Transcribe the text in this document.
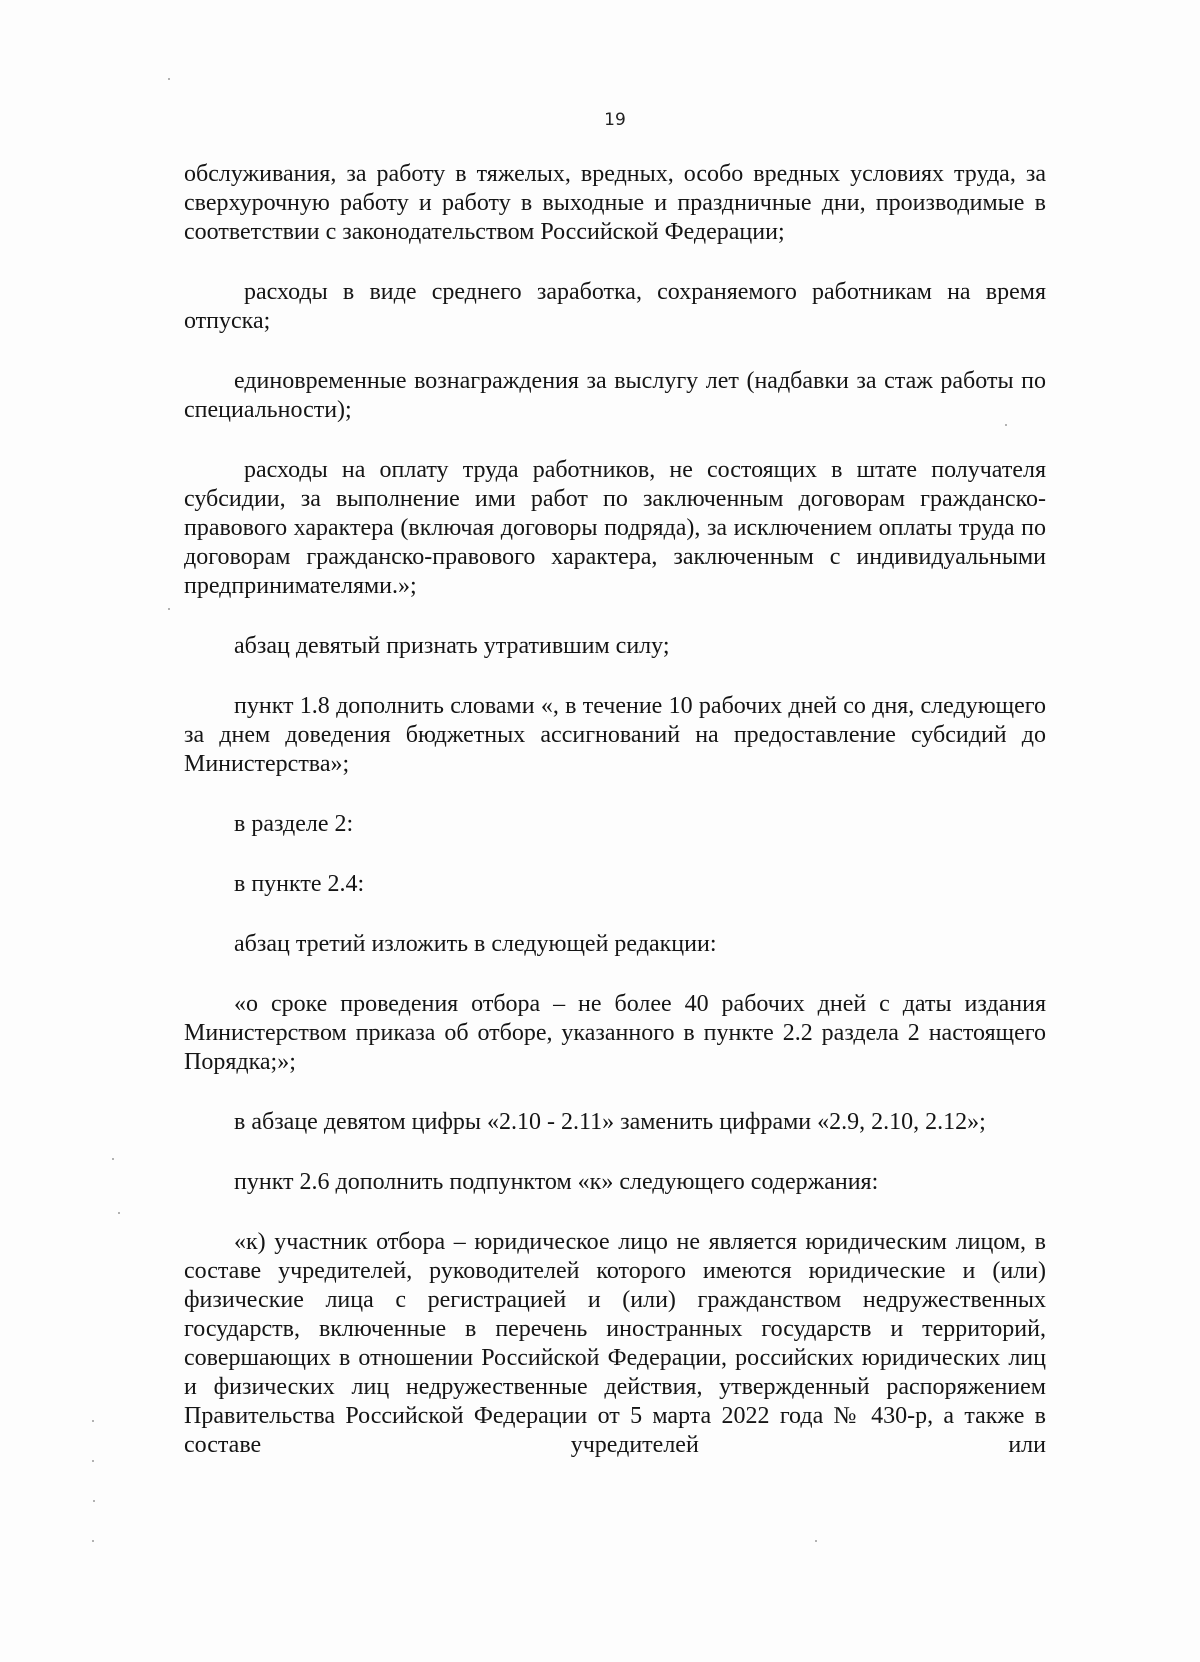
19

обслуживания, за работу в тяжелых, вредных, особо вредных условиях труда, за сверхурочную работу и работу в выходные и праздничные дни, производимые в соответствии с законодательством Российской Федерации;

расходы в виде среднего заработка, сохраняемого работникам на время отпуска;

единовременные вознаграждения за выслугу лет (надбавки за стаж работы по специальности);

расходы на оплату труда работников, не состоящих в штате получателя субсидии, за выполнение ими работ по заключенным договорам гражданско-правового характера (включая договоры подряда), за исключением оплаты труда по договорам гражданско-правового характера, заключенным с индивидуальными предпринимателями.»;

абзац девятый признать утратившим силу;

пункт 1.8 дополнить словами «, в течение 10 рабочих дней со дня, следующего за днем доведения бюджетных ассигнований на предоставление субсидий до Министерства»;

в разделе 2:

в пункте 2.4:

абзац третий изложить в следующей редакции:

«о сроке проведения отбора – не более 40 рабочих дней с даты издания Министерством приказа об отборе, указанного в пункте 2.2 раздела 2 настоящего Порядка;»;

в абзаце девятом цифры «2.10 - 2.11» заменить цифрами «2.9, 2.10, 2.12»;

пункт 2.6 дополнить подпунктом «к» следующего содержания:

«к) участник отбора – юридическое лицо не является юридическим лицом, в составе учредителей, руководителей которого имеются юридические и (или) физические лица с регистрацией и (или) гражданством недружественных государств, включенные в перечень иностранных государств и территорий, совершающих в отношении Российской Федерации, российских юридических лиц и физических лиц недружественные действия, утвержденный распоряжением Правительства Российской Федерации от 5 марта 2022 года № 430-р, а также в составе учредителей или
